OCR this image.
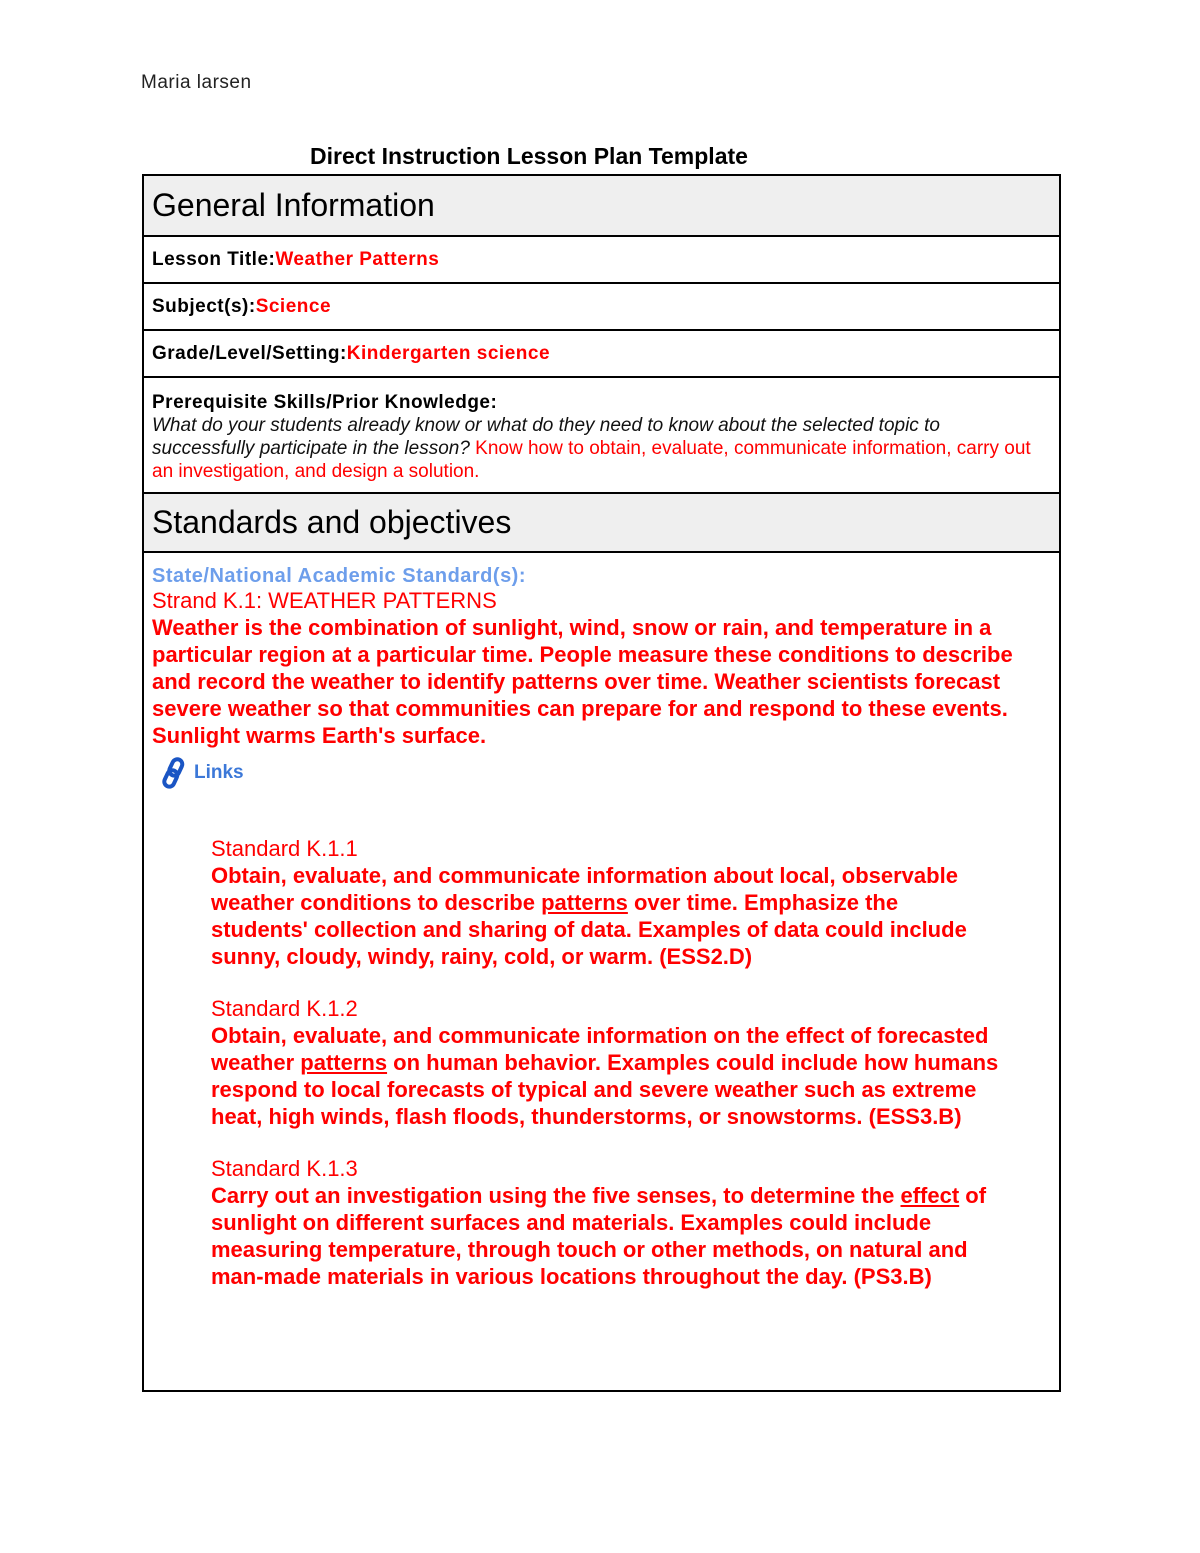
Maria larsen
Direct Instruction Lesson Plan Template
General Information
Lesson Title: Weather Patterns
Subject(s): Science
Grade/Level/Setting: Kindergarten science
Prerequisite Skills/Prior Knowledge:
What do your students already know or what do they need to know about the selected topic to successfully participate in the lesson? Know how to obtain, evaluate, communicate information, carry out an investigation, and design a solution.
Standards and objectives
State/National Academic Standard(s):
Strand K.1: WEATHER PATTERNS
Weather is the combination of sunlight, wind, snow or rain, and temperature in a particular region at a particular time. People measure these conditions to describe and record the weather to identify patterns over time. Weather scientists forecast severe weather so that communities can prepare for and respond to these events. Sunlight warms Earth's surface.
Links
Standard K.1.1
Obtain, evaluate, and communicate information about local, observable weather conditions to describe patterns over time. Emphasize the students' collection and sharing of data. Examples of data could include sunny, cloudy, windy, rainy, cold, or warm. (ESS2.D)
Standard K.1.2
Obtain, evaluate, and communicate information on the effect of forecasted weather patterns on human behavior. Examples could include how humans respond to local forecasts of typical and severe weather such as extreme heat, high winds, flash floods, thunderstorms, or snowstorms. (ESS3.B)
Standard K.1.3
Carry out an investigation using the five senses, to determine the effect of sunlight on different surfaces and materials. Examples could include measuring temperature, through touch or other methods, on natural and man-made materials in various locations throughout the day. (PS3.B)
